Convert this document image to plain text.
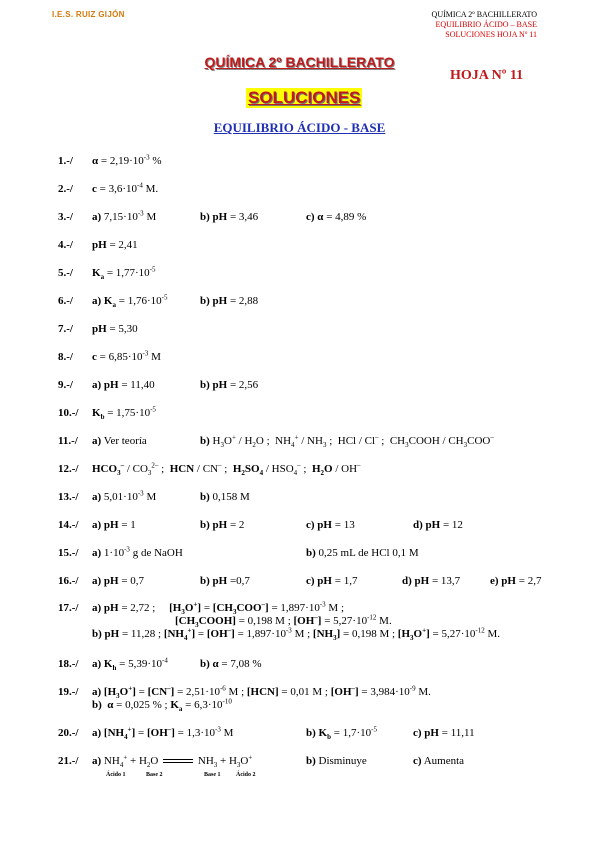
I.E.S. RUIZ GIJÓN	QUÍMICA 2º BACHILLERATO
EQUILIBRIO ÁCIDO – BASE
SOLUCIONES HOJA Nº 11
QUÍMICA 2º BACHILLERATO
HOJA Nº 11
SOLUCIONES
EQUILIBRIO ÁCIDO - BASE
1.-/ $\alpha = 2,19\cdot 10^{-3}$ %
2.-/ $c = 3,6\cdot 10^{-4}$ M.
3.-/ a) $7,15\cdot 10^{-3}$ M	b) pH = 3,46	c) α = 4,89 %
4.-/ pH = 2,41
5.-/ $K_a = 1,77\cdot 10^{-5}$
6.-/ a) $K_a = 1,76\cdot 10^{-5}$	b) pH = 2,88
7.-/ pH = 5,30
8.-/ $c = 6,85\cdot 10^{-3}$ M
9.-/ a) pH = 11,40	b) pH = 2,56
10.-/ $K_b = 1,75\cdot 10^{-5}$
11.-/ a) Ver teoría	b) $H_3O^+ / H_2O$ ;  $NH_4^+ / NH_3$ ;  HCl / Cl– ;  $CH_3COOH / CH_3COO^-$
12.-/ $HCO_3^- / CO_3^{2-}$ ;  HCN / CN– ;  $H_2SO_4 / HSO_4^-$ ;  $H_2O / OH^-$
13.-/ a) $5,01\cdot 10^{-3}$ M	b) 0,158 M
14.-/ a) pH = 1	b) pH = 2	c) pH = 13	d) pH = 12
15.-/ a) $1\cdot 10^{-3}$ g de NaOH	b) 0,25 mL de HCl 0,1 M
16.-/ a) pH = 0,7	b) pH =0,7	c) pH = 1,7	d) pH = 13,7	e) pH = 2,7
17.-/ a) pH = 2,72 ;     $[H_3O^+] = [CH_3COO^-] = 1,897\cdot 10^{-3}$ M ;
$[CH_3COOH] = 0,198$ M ; $[OH^-] = 5,27\cdot 10^{-12}$ M.
b) pH = 11,28 ; $[NH_4^+] = [OH^-] = 1,897\cdot 10^{-3}$ M ; $[NH_3] = 0,198$ M ; $[H_3O^+] = 5,27\cdot 10^{-12}$ M.
18.-/ a) $K_h = 5,39\cdot 10^{-4}$	b) α = 7,08 %
19.-/ a) $[H_3O^+] = [CN^-] = 2,51\cdot 10^{-6}$ M ; [HCN] = 0,01 M ; $[OH^-] = 3,984\cdot 10^{-9}$ M.
b)  α = 0,025 % ; $K_a = 6,3\cdot 10^{-10}$
20.-/ a) $[NH_4^+] = [OH^-] = 1,3\cdot 10^{-3}$ M	b) $K_b = 1,7\cdot 10^{-5}$	c) pH = 11,11
21.-/ a) $NH_4^+ + H_2O$	$NH_3 + H_3O^+$
Ácido 1	Base 2	Base 1	Ácido 2
b) Disminuye	c) Aumenta
